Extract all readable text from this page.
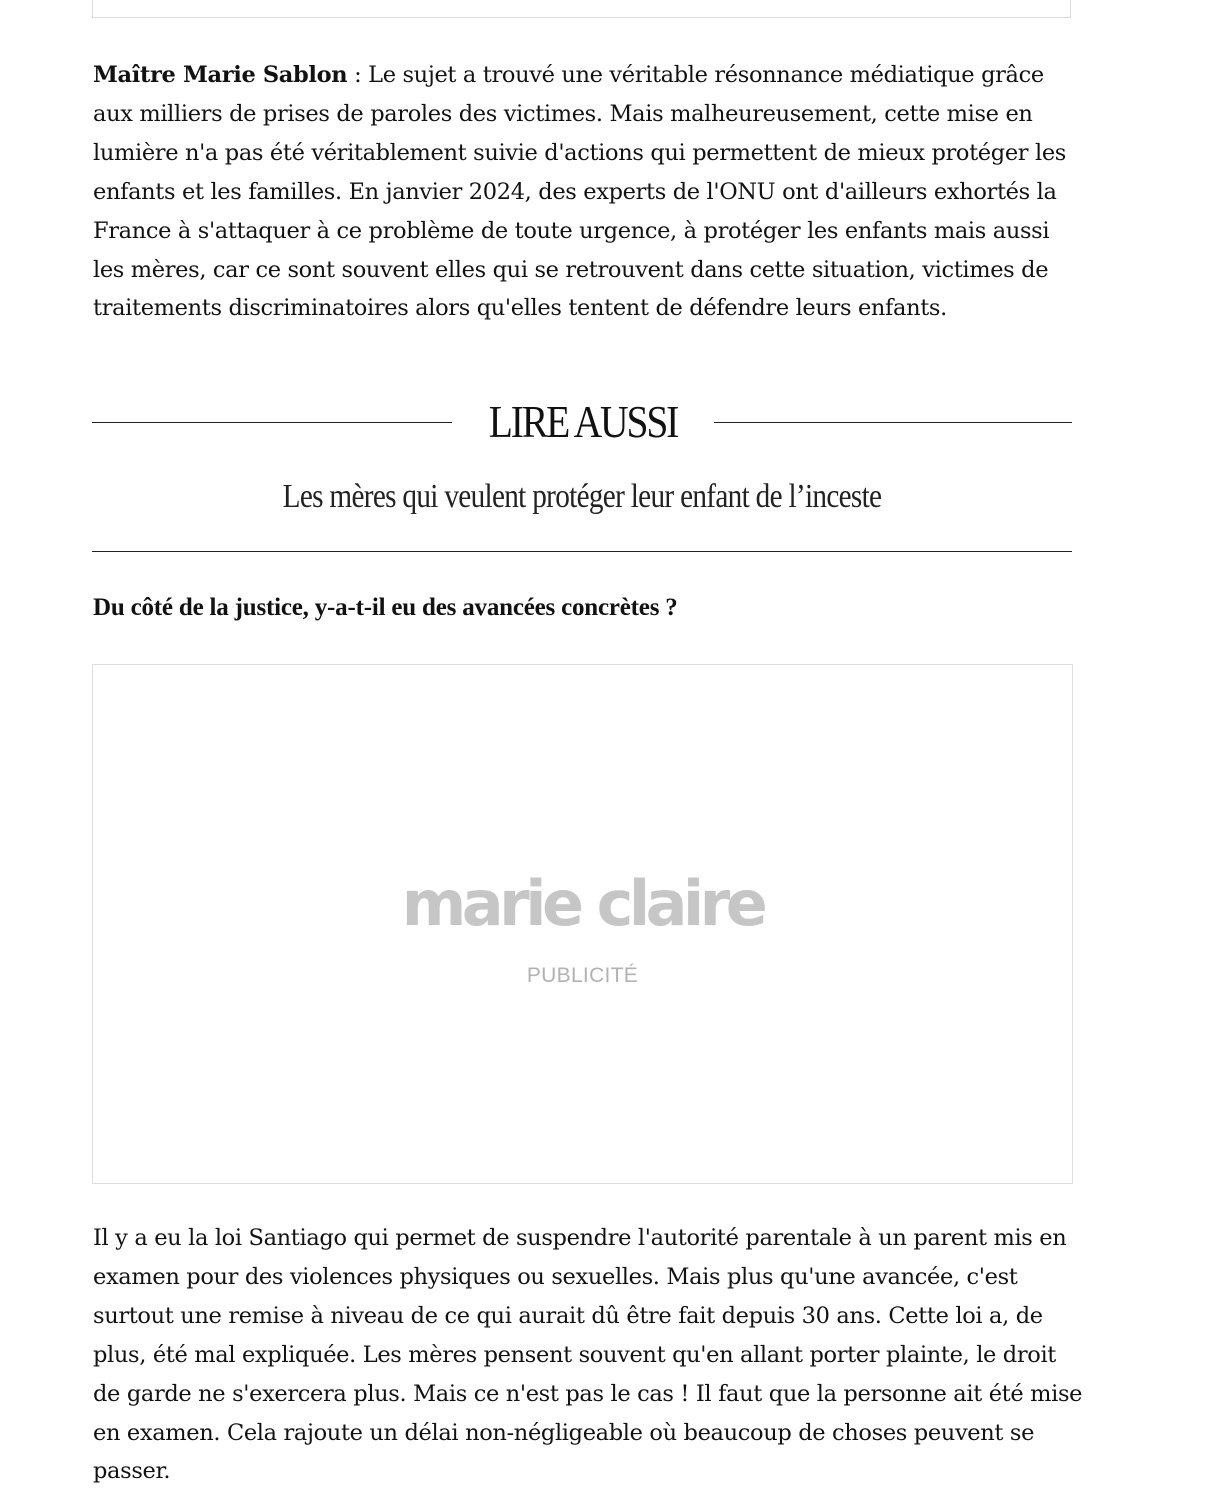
Maître Marie Sablon : Le sujet a trouvé une véritable résonnance médiatique grâce aux milliers de prises de paroles des victimes. Mais malheureusement, cette mise en lumière n'a pas été véritablement suivie d'actions qui permettent de mieux protéger les enfants et les familles. En janvier 2024, des experts de l'ONU ont d'ailleurs exhortés la France à s'attaquer à ce problème de toute urgence, à protéger les enfants mais aussi les mères, car ce sont souvent elles qui se retrouvent dans cette situation, victimes de traitements discriminatoires alors qu'elles tentent de défendre leurs enfants.

LIRE AUSSI
Les mères qui veulent protéger leur enfant de l’inceste
Du côté de la justice, y-a-t-il eu des avancées concrètes ?
marie claire
PUBLICITÉ

Il y a eu la loi Santiago qui permet de suspendre l'autorité parentale à un parent mis en examen pour des violences physiques ou sexuelles. Mais plus qu'une avancée, c'est surtout une remise à niveau de ce qui aurait dû être fait depuis 30 ans. Cette loi a, de plus, été mal expliquée. Les mères pensent souvent qu'en allant porter plainte, le droit de garde ne s'exercera plus. Mais ce n'est pas le cas ! Il faut que la personne ait été mise en examen. Cela rajoute un délai non-négligeable où beaucoup de choses peuvent se passer.
